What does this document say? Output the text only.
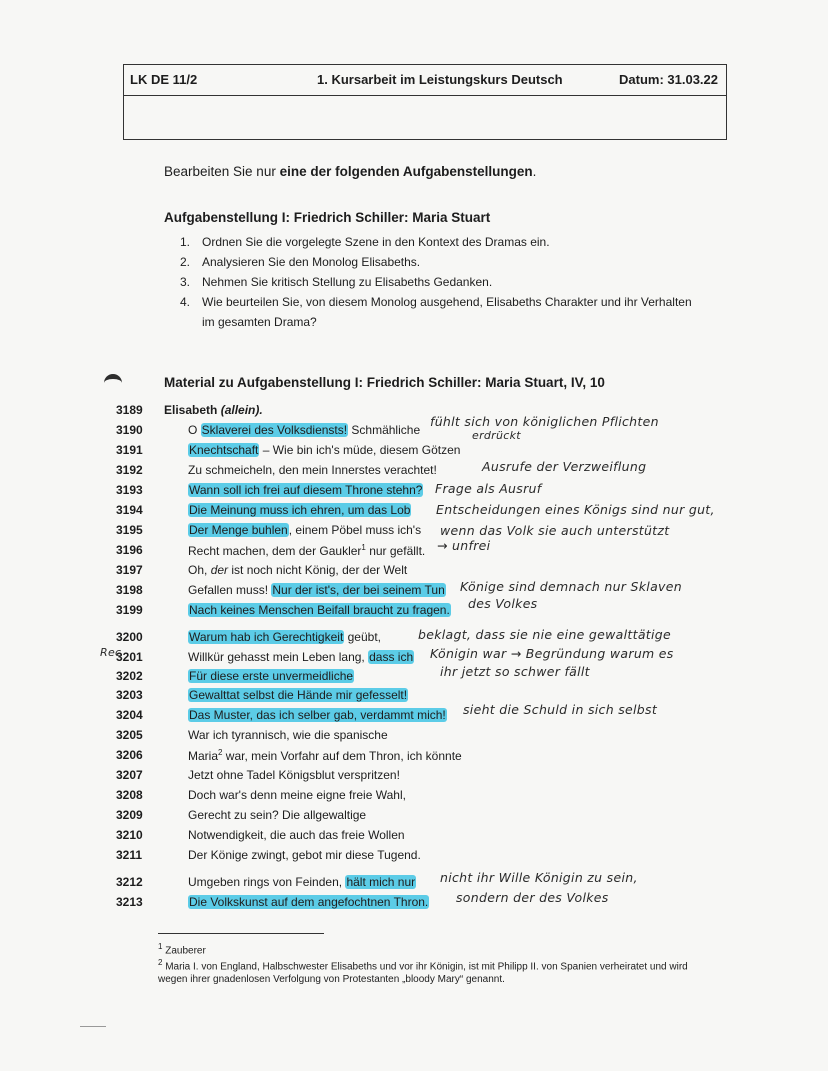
LK DE 11/2	1. Kursarbeit im Leistungskurs Deutsch	Datum: 31.03.22
Bearbeiten Sie nur eine der folgenden Aufgabenstellungen.
Aufgabenstellung I: Friedrich Schiller: Maria Stuart
1. Ordnen Sie die vorgelegte Szene in den Kontext des Dramas ein.
2. Analysieren Sie den Monolog Elisabeths.
3. Nehmen Sie kritisch Stellung zu Elisabeths Gedanken.
4. Wie beurteilen Sie, von diesem Monolog ausgehend, Elisabeths Charakter und ihr Verhalten im gesamten Drama?
Material zu Aufgabenstellung I: Friedrich Schiller: Maria Stuart, IV, 10
3189 Elisabeth (allein).
3190	O Sklaverei des Volksdiensts! Schmähliche
3191	Knechtschaft – Wie bin ich's müde, diesem Götzen
3192	Zu schmeicheln, den mein Innerstes verachtet!
3193	Wann soll ich frei auf diesem Throne stehn?
3194	Die Meinung muss ich ehren, um das Lob
3195	Der Menge buhlen, einem Pöbel muss ich's
3196	Recht machen, dem der Gaukler$^1$ nur gefällt.
3197	Oh, der ist noch nicht König, der der Welt
3198	Gefallen muss! Nur der ist's, der bei seinem Tun
3199	Nach keines Menschen Beifall braucht zu fragen.
3200	Warum hab ich Gerechtigkeit geübt,
3201	Willkür gehasst mein Leben lang, dass ich
3202	Für diese erste unvermeidliche
3203	Gewalttat selbst die Hände mir gefesselt!
3204	Das Muster, das ich selber gab, verdammt mich!
3205	War ich tyrannisch, wie die spanische
3206	Maria$^2$ war, mein Vorfahr auf dem Thron, ich könnte
3207	Jetzt ohne Tadel Königsblut verspritzen!
3208	Doch war's denn meine eigne freie Wahl,
3209	Gerecht zu sein? Die allgewaltige
3210	Notwendigkeit, die auch das freie Wollen
3211	Der Könige zwingt, gebot mir diese Tugend.
3212	Umgeben rings von Feinden, hält mich nur
3213	Die Volkskunst auf dem angefochtnen Thron.
fühlt sich von königlichen Pflichten
erdrückt
Ausrufe der Verzweiflung
Frage als Ausruf
Entscheidungen eines Königs sind nur gut,
wenn das Volk sie auch unterstützt
→ unfrei
Könige sind demnach nur Sklaven
des Volkes
beklagt, dass sie nie eine gewalttätige
Königin war → Begründung warum es
ihr jetzt so schwer fällt
sieht die Schuld in sich selbst
nicht ihr Wille Königin zu sein,
sondern der des Volkes
Rec
$^1$ Zauberer
$^2$ Maria I. von England, Halbschwester Elisabeths und vor ihr Königin, ist mit Philipp II. von Spanien verheiratet und wird wegen ihrer gnadenlosen Verfolgung von Protestanten „bloody Mary“ genannt.
